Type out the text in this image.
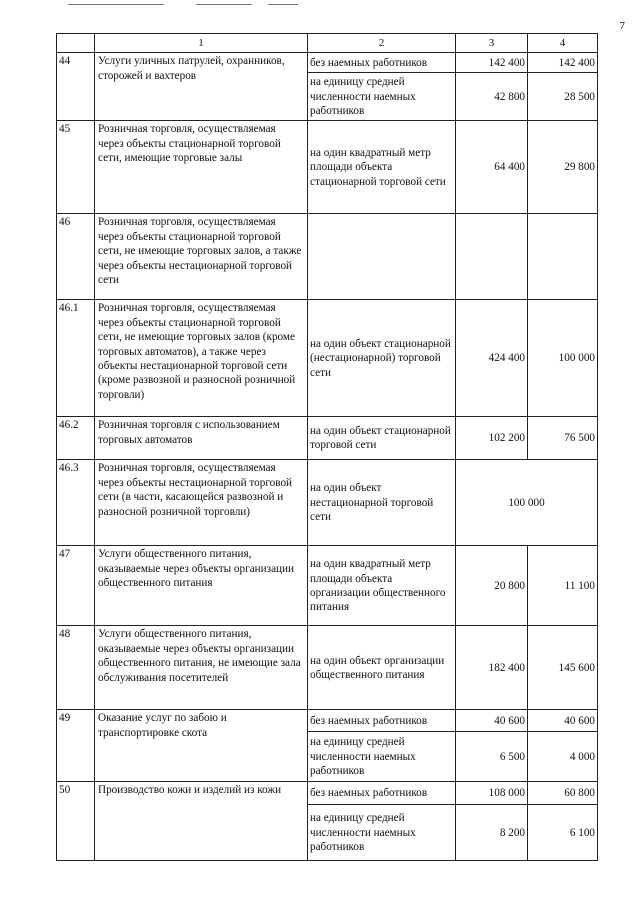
7
	1	2	3	4
44	Услуги уличных патрулей, охранников, сторожей и вахтеров	без наемных работников	142 400	142 400
		на единицу средней численности наемных работников	42 800	28 500
45	Розничная торговля, осуществляемая через объекты стационарной торговой сети, имеющие торговые залы	на один квадратный метр площади объекта стационарной торговой сети	64 400	29 800
46	Розничная торговля, осуществляемая через объекты стационарной торговой сети, не имеющие торговых залов, а также через объекты нестационарной торговой сети			
46.1	Розничная торговля, осуществляемая через объекты стационарной торговой сети, не имеющие торговых залов (кроме торговых автоматов), а также через объекты нестационарной торговой сети (кроме развозной и разносной розничной торговли)	на один объект стационарной (нестационарной) торговой сети	424 400	100 000
46.2	Розничная торговля с использованием торговых автоматов	на один объект стационарной торговой сети	102 200	76 500
46.3	Розничная торговля, осуществляемая через объекты нестационарной торговой сети (в части, касающейся развозной и разносной розничной торговли)	на один объект нестационарной торговой сети	100 000	
47	Услуги общественного питания, оказываемые через объекты организации общественного питания	на один квадратный метр площади объекта организации общественного питания	20 800	11 100
48	Услуги общественного питания, оказываемые через объекты организации общественного питания, не имеющие зала обслуживания посетителей	на один объект организации общественного питания	182 400	145 600
49	Оказание услуг по забою и транспортировке скота	без наемных работников	40 600	40 600
		на единицу средней численности наемных работников	6 500	4 000
50	Производство кожи и изделий из кожи	без наемных работников	108 000	60 800
		на единицу средней численности наемных работников	8 200	6 100
